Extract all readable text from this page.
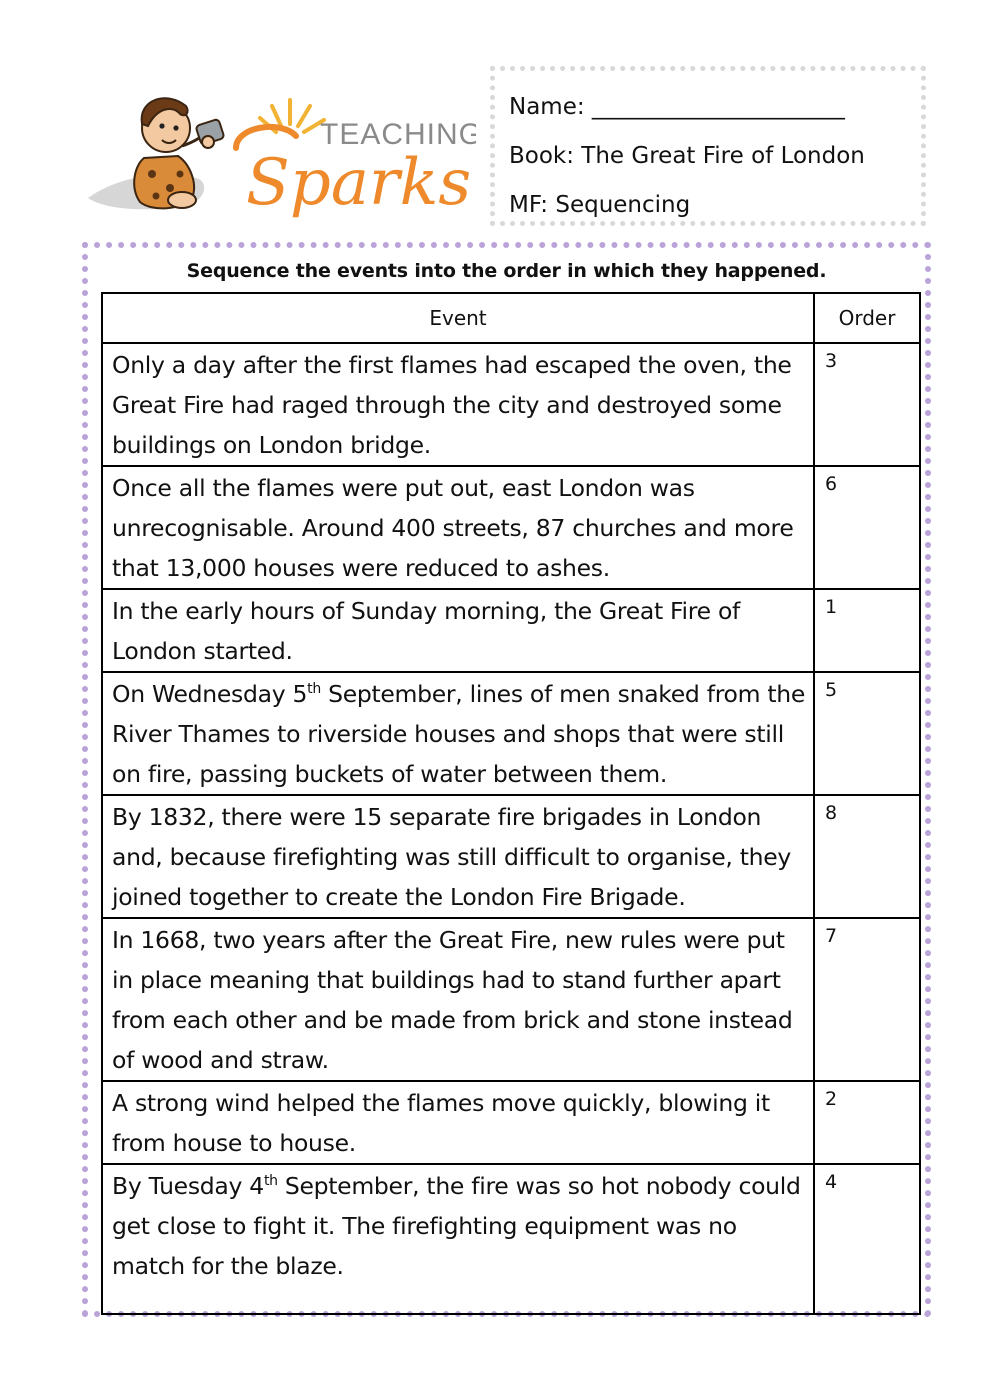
TEACHING
Sparks
Name: ______________________
Book: The Great Fire of London
MF: Sequencing
Sequence the events into the order in which they happened.
Event	Order
Only a day after the first flames had escaped the oven, the Great Fire had raged through the city and destroyed some buildings on London bridge.	3
Once all the flames were put out, east London was unrecognisable. Around 400 streets, 87 churches and more that 13,000 houses were reduced to ashes.	6
In the early hours of Sunday morning, the Great Fire of London started.	1
On Wednesday 5th September, lines of men snaked from the River Thames to riverside houses and shops that were still on fire, passing buckets of water between them.	5
By 1832, there were 15 separate fire brigades in London and, because firefighting was still difficult to organise, they joined together to create the London Fire Brigade.	8
In 1668, two years after the Great Fire, new rules were put in place meaning that buildings had to stand further apart from each other and be made from brick and stone instead of wood and straw.	7
A strong wind helped the flames move quickly, blowing it from house to house.	2
By Tuesday 4th September, the fire was so hot nobody could get close to fight it. The firefighting equipment was no match for the blaze.	4
